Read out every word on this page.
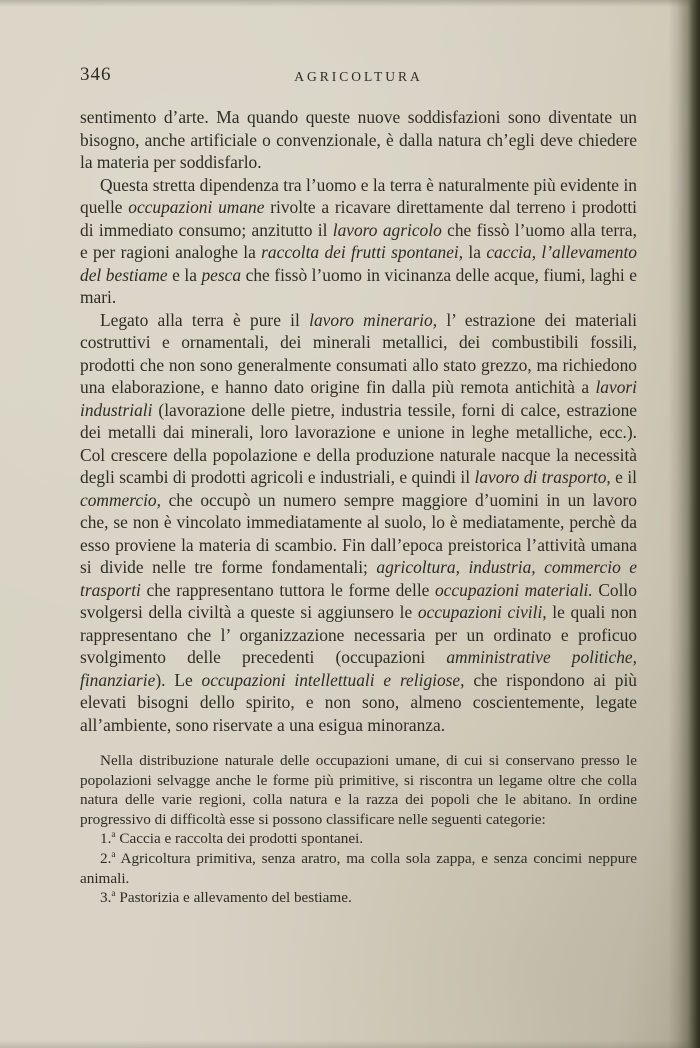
346	AGRICOLTURA

sentimento d’arte. Ma quando queste nuove soddisfazioni sono diventate un bisogno, anche artificiale o convenzionale, è dalla natura ch’egli deve chiedere la materia per soddisfarlo.

Questa stretta dipendenza tra l’uomo e la terra è naturalmente più evidente in quelle occupazioni umane rivolte a ricavare direttamente dal terreno i prodotti di immediato consumo; anzitutto il lavoro agricolo che fissò l’uomo alla terra, e per ragioni analoghe la raccolta dei frutti spontanei, la caccia, l’allevamento del bestiame e la pesca che fissò l’uomo in vicinanza delle acque, fiumi, laghi e mari.

Legato alla terra è pure il lavoro minerario, l’ estrazione dei materiali costruttivi e ornamentali, dei minerali metallici, dei combustibili fossili, prodotti che non sono generalmente consumati allo stato grezzo, ma richiedono una elaborazione, e hanno dato origine fin dalla più remota antichità a lavori industriali (lavorazione delle pietre, industria tessile, forni di calce, estrazione dei metalli dai minerali, loro lavorazione e unione in leghe metalliche, ecc.). Col crescere della popolazione e della produzione naturale nacque la necessità degli scambi di prodotti agricoli e industriali, e quindi il lavoro di trasporto, e il commercio, che occupò un numero sempre maggiore d’uomini in un lavoro che, se non è vincolato immediatamente al suolo, lo è mediatamente, perchè da esso proviene la materia di scambio. Fin dall’epoca preistorica l’attività umana si divide nelle tre forme fondamentali; agricoltura, industria, commercio e trasporti che rappresentano tuttora le forme delle occupazioni materiali. Collo svolgersi della civiltà a queste si aggiunsero le occupazioni civili, le quali non rappresentano che l’ organizzazione necessaria per un ordinato e proficuo svolgimento delle precedenti (occupazioni amministrative politiche, finanziarie). Le occupazioni intellettuali e religiose, che rispondono ai più elevati bisogni dello spirito, e non sono, almeno coscientemente, legate all’ambiente, sono riservate a una esigua minoranza.

Nella distribuzione naturale delle occupazioni umane, di cui si conservano presso le popolazioni selvagge anche le forme più primitive, si riscontra un legame oltre che colla natura delle varie regioni, colla natura e la razza dei popoli che le abitano. In ordine progressivo di difficoltà esse si possono classificare nelle seguenti categorie:

1.$^a$ Caccia e raccolta dei prodotti spontanei.

2.$^a$ Agricoltura primitiva, senza aratro, ma colla sola zappa, e senza concimi neppure animali.

3.$^a$ Pastorizia e allevamento del bestiame.
